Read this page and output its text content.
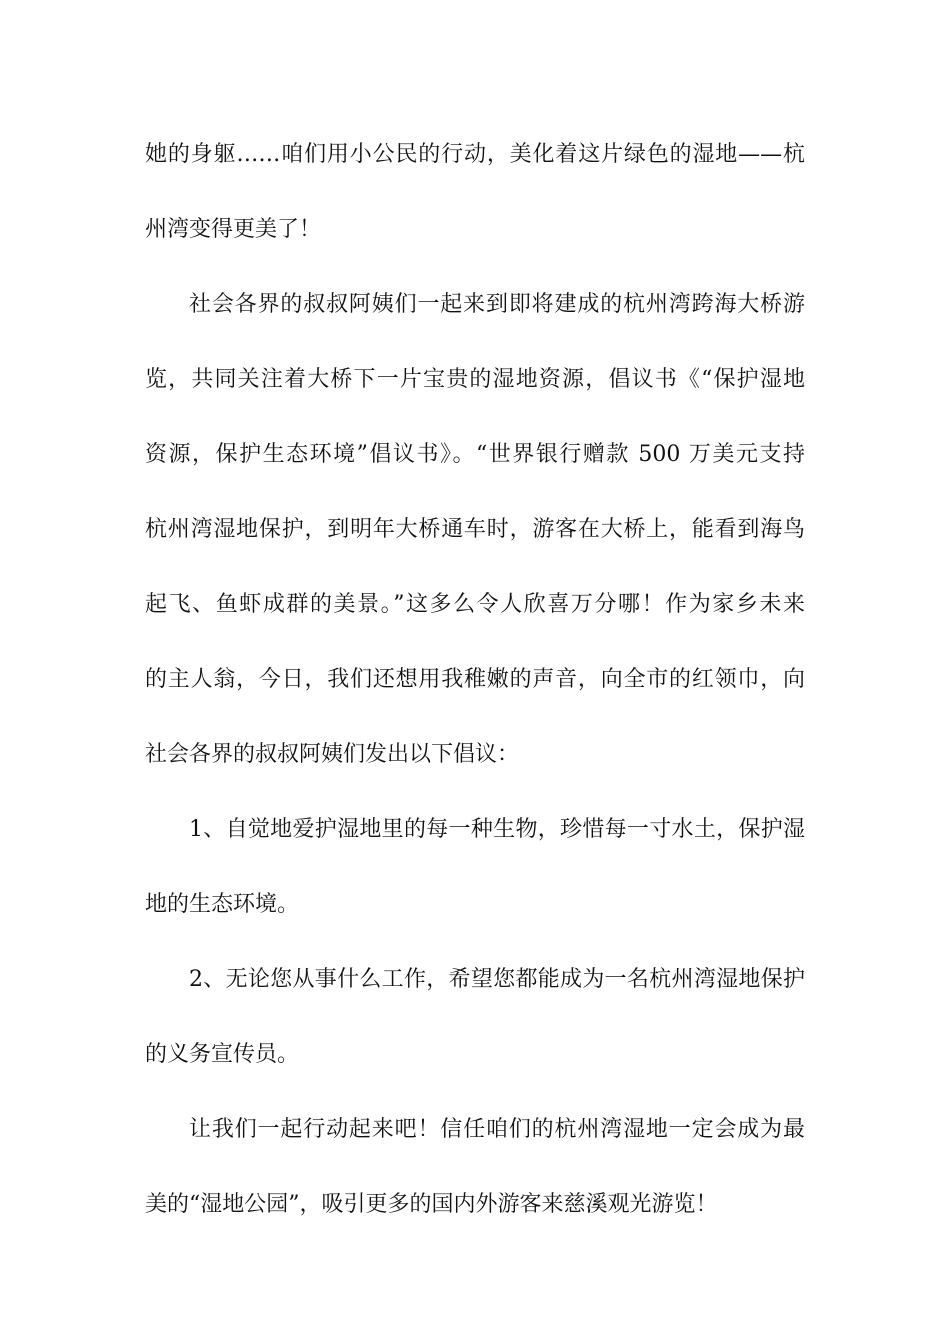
她的身躯……咱们用小公民的行动，美化着这片绿色的湿地——杭
州湾变得更美了！
社会各界的叔叔阿姨们一起来到即将建成的杭州湾跨海大桥游
览，共同关注着大桥下一片宝贵的湿地资源，倡议书《“保护湿地
资源，保护生态环境”倡议书》。“世界银行赠款 500 万美元支持
杭州湾湿地保护，到明年大桥通车时，游客在大桥上，能看到海鸟
起飞、鱼虾成群的美景。”这多么令人欣喜万分哪！作为家乡未来
的主人翁，今日，我们还想用我稚嫩的声音，向全市的红领巾，向
社会各界的叔叔阿姨们发出以下倡议：
1、自觉地爱护湿地里的每一种生物，珍惜每一寸水土，保护湿
地的生态环境。
2、无论您从事什么工作，希望您都能成为一名杭州湾湿地保护
的义务宣传员。
让我们一起行动起来吧！信任咱们的杭州湾湿地一定会成为最
美的“湿地公园”，吸引更多的国内外游客来慈溪观光游览！
